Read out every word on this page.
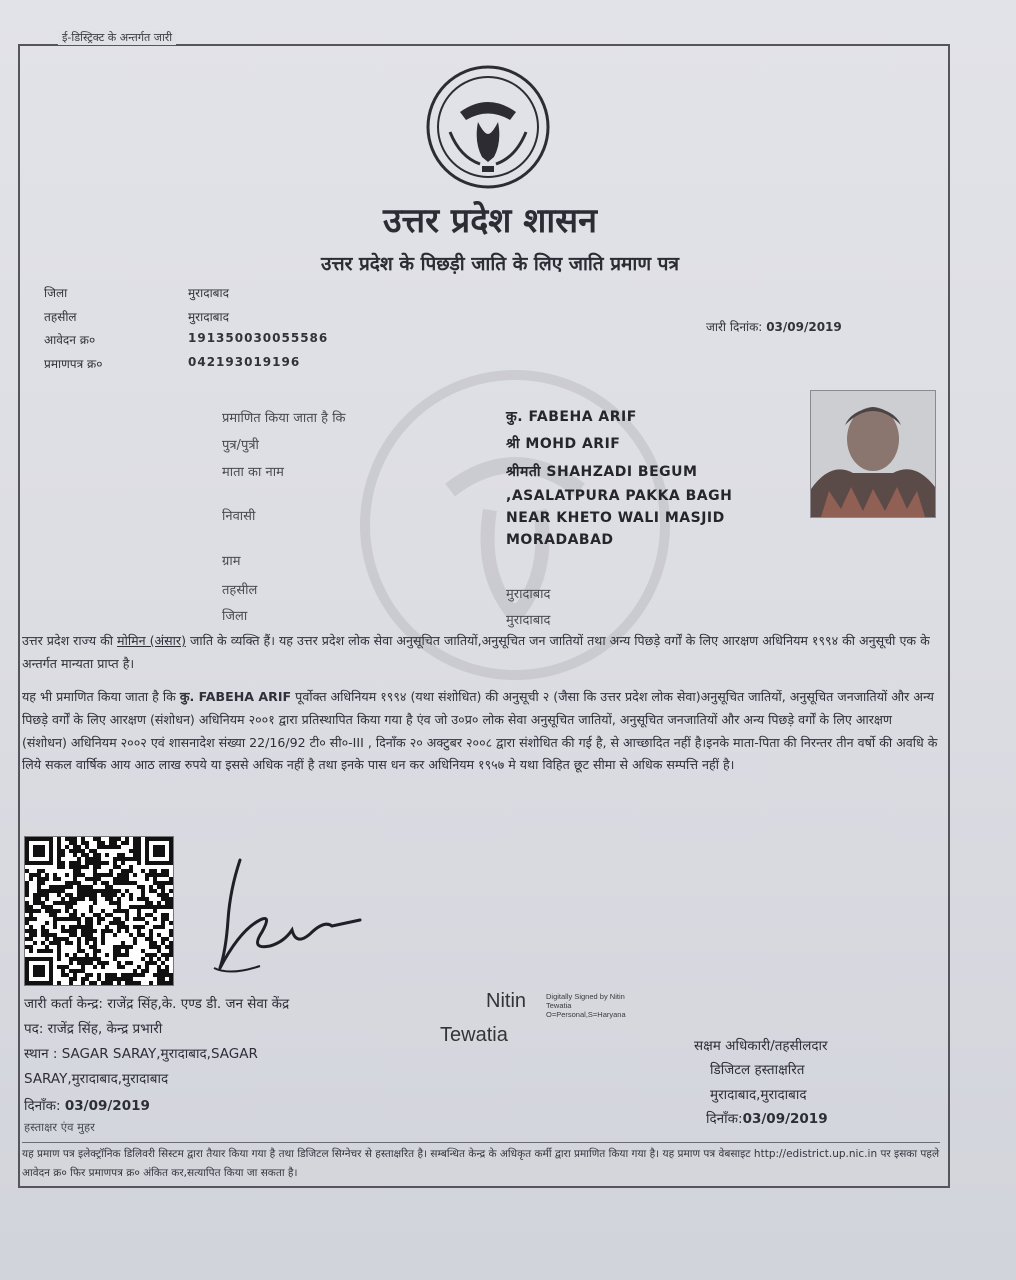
ई-डिस्ट्रिक्ट के अन्तर्गत जारी
उत्तर प्रदेश शासन
उत्तर प्रदेश के पिछड़ी जाति के लिए जाति प्रमाण पत्र
जिला	मुरादाबाद
तहसील	मुरादाबाद
आवेदन क्र०	191350030055586
प्रमाणपत्र क्र०	042193019196
जारी दिनांक: 03/09/2019
प्रमाणित किया जाता है कि	कु. FABEHA ARIF
पुत्र/पुत्री	श्री MOHD ARIF
माता का नाम	श्रीमती SHAHZADI BEGUM
निवासी
,ASALATPURA PAKKA BAGH
NEAR KHETO WALI MASJID
MORADABAD
ग्राम
तहसील	मुरादाबाद
जिला	मुरादाबाद
उत्तर प्रदेश राज्य की मोमिन (अंसार) जाति के व्यक्ति हैं। यह उत्तर प्रदेश लोक सेवा अनुसूचित जातियों,अनुसूचित जन जातियों तथा अन्य पिछड़े वर्गों के लिए आरक्षण अधिनियम १९९४ की अनुसूची एक के अन्तर्गत मान्यता प्राप्त है।
यह भी प्रमाणित किया जाता है कि कु. FABEHA ARIF पूर्वोक्त अधिनियम १९९४ (यथा संशोधित) की अनुसूची २ (जैसा कि उत्तर प्रदेश लोक सेवा)अनुसूचित जातियों, अनुसूचित जनजातियों और अन्य पिछड़े वर्गों के लिए आरक्षण (संशोधन) अधिनियम २००१ द्वारा प्रतिस्थापित किया गया है एंव जो उ०प्र० लोक सेवा अनुसूचित जातियों, अनुसूचित जनजातियों और अन्य पिछड़े वर्गों के लिए आरक्षण (संशोधन) अधिनियम २००२ एवं शासनादेश संख्या 22/16/92 टी० सी०-III , दिनाँक २० अक्टुबर २००८ द्वारा संशोधित की गई है, से आच्छादित नहीं है।इनके माता-पिता की निरन्तर तीन वर्षो की अवधि के लिये सकल वार्षिक आय आठ लाख रुपये या इससे अधिक नहीं है तथा इनके पास धन कर अधिनियम १९५७ मे यथा विहित छूट सीमा से अधिक सम्पत्ति नहीं है।
जारी कर्ता केन्द्र: राजेंद्र सिंह,के. एण्ड डी. जन सेवा केंद्र
पद: राजेंद्र सिंह, केन्द्र प्रभारी
स्थान : SAGAR SARAY,मुरादाबाद,SAGAR
SARAY,मुरादाबाद,मुरादाबाद
दिनाँक: 03/09/2019
हस्ताक्षर एंव मुहर
Nitin
Tewatia
Digitally Signed by Nitin
Tewatia
O=Personal,S=Haryana
सक्षम अधिकारी/तहसीलदार
डिजिटल हस्ताक्षरित
मुरादाबाद,मुरादाबाद
दिनाँक:03/09/2019
यह प्रमाण पत्र इलेक्ट्रॉनिक डिलिवरी सिस्टम द्वारा तैयार किया गया है तथा डिजिटल सिग्नेचर से हस्ताक्षरित है। सम्बन्धित केन्द्र के अधिकृत कर्मी द्वारा प्रमाणित किया गया है। यह प्रमाण पत्र वेबसाइट http://edistrict.up.nic.in पर इसका पहले आवेदन क्र० फिर प्रमाणपत्र क्र० अंकित कर,सत्यापित किया जा सकता है।
